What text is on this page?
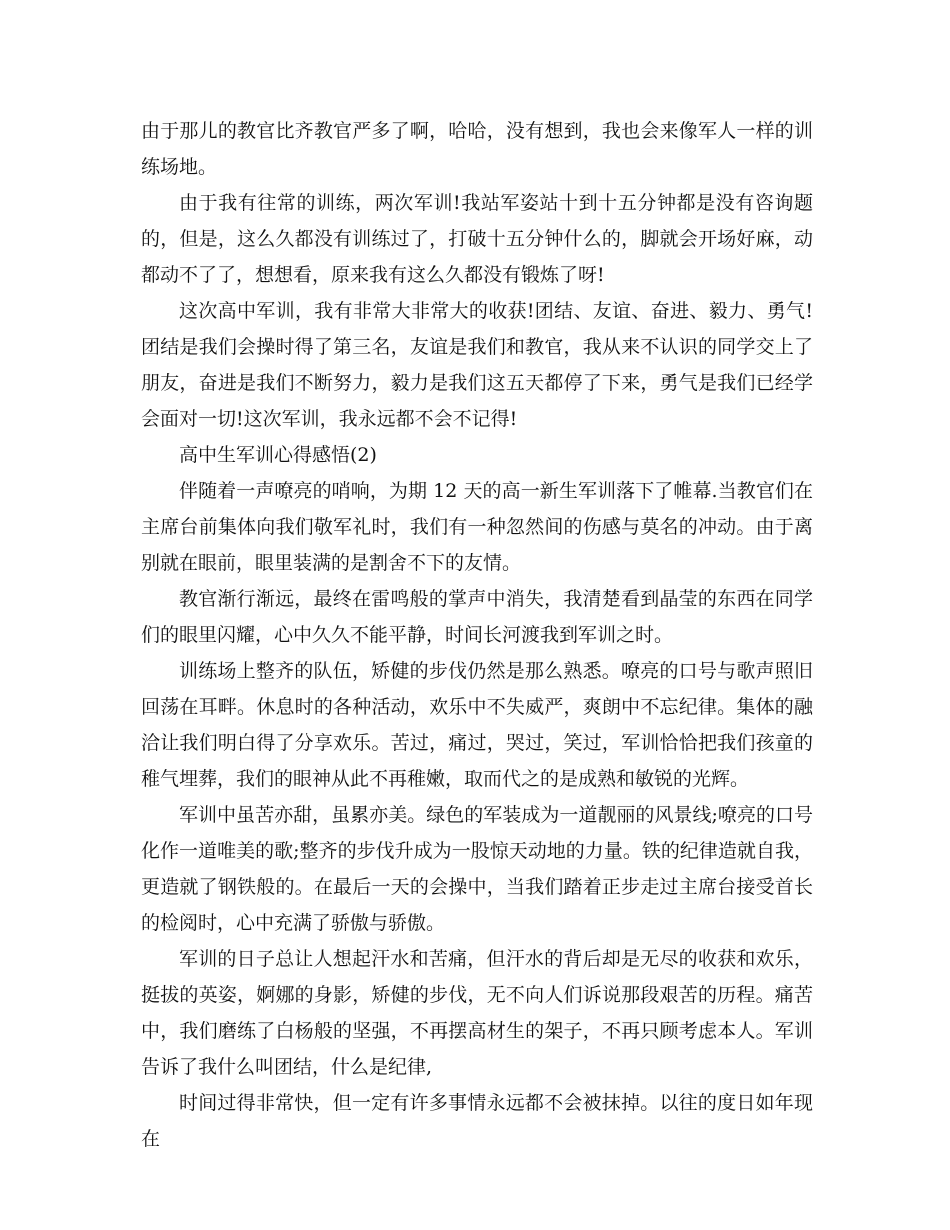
由于那儿的教官比齐教官严多了啊，哈哈，没有想到，我也会来像军人一样的训练场地。

由于我有往常的训练，两次军训!我站军姿站十到十五分钟都是没有咨询题的，但是，这么久都没有训练过了，打破十五分钟什么的，脚就会开场好麻，动都动不了了，想想看，原来我有这么久都没有锻炼了呀!

这次高中军训，我有非常大非常大的收获!团结、友谊、奋进、毅力、勇气!团结是我们会操时得了第三名，友谊是我们和教官，我从来不认识的同学交上了朋友，奋进是我们不断努力，毅力是我们这五天都停了下来，勇气是我们已经学会面对一切!这次军训，我永远都不会不记得!

高中生军训心得感悟(2)

伴随着一声嘹亮的哨响，为期 12 天的高一新生军训落下了帷幕.当教官们在主席台前集体向我们敬军礼时，我们有一种忽然间的伤感与莫名的冲动。由于离别就在眼前，眼里装满的是割舍不下的友情。

教官渐行渐远，最终在雷鸣般的掌声中消失，我清楚看到晶莹的东西在同学们的眼里闪耀，心中久久不能平静，时间长河渡我到军训之时。

训练场上整齐的队伍，矫健的步伐仍然是那么熟悉。嘹亮的口号与歌声照旧回荡在耳畔。休息时的各种活动，欢乐中不失威严，爽朗中不忘纪律。集体的融洽让我们明白得了分享欢乐。苦过，痛过，哭过，笑过，军训恰恰把我们孩童的稚气埋葬，我们的眼神从此不再稚嫩，取而代之的是成熟和敏锐的光辉。

军训中虽苦亦甜，虽累亦美。绿色的军装成为一道靓丽的风景线;嘹亮的口号化作一道唯美的歌;整齐的步伐升成为一股惊天动地的力量。铁的纪律造就自我，更造就了钢铁般的。在最后一天的会操中，当我们踏着正步走过主席台接受首长的检阅时，心中充满了骄傲与骄傲。

军训的日子总让人想起汗水和苦痛，但汗水的背后却是无尽的收获和欢乐，挺拔的英姿，婀娜的身影，矫健的步伐，无不向人们诉说那段艰苦的历程。痛苦中，我们磨练了白杨般的坚强，不再摆高材生的架子，不再只顾考虑本人。军训告诉了我什么叫团结，什么是纪律,

时间过得非常快，但一定有许多事情永远都不会被抹掉。以往的度日如年现在
